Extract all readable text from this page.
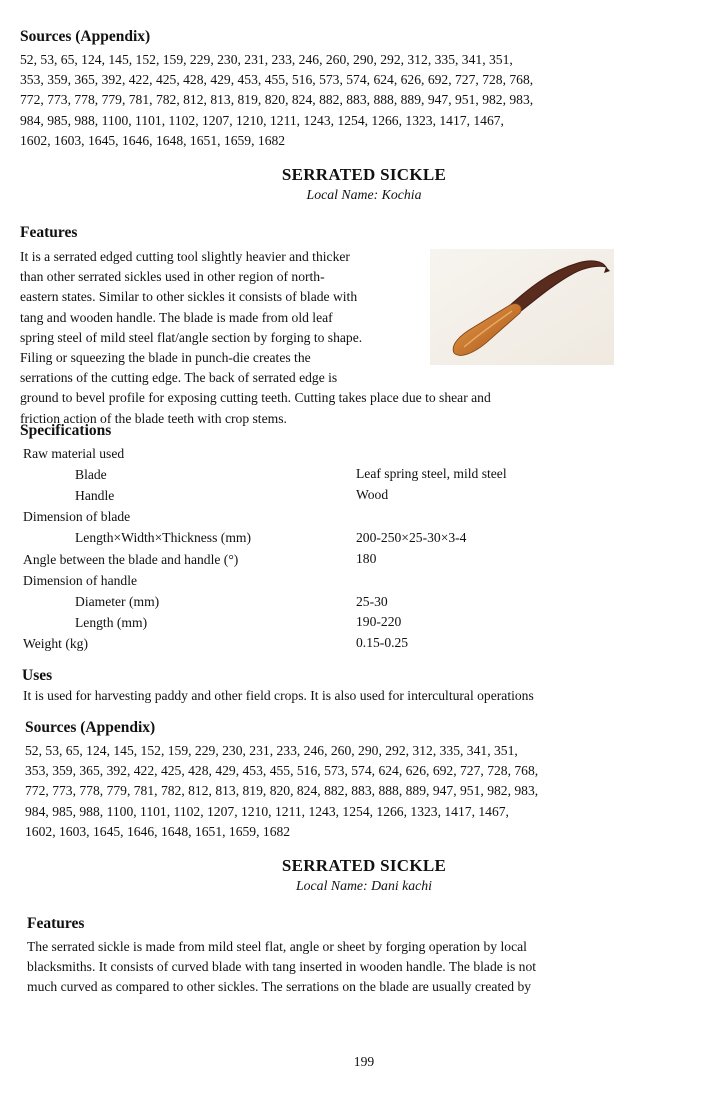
Sources (Appendix)
52, 53, 65, 124, 145, 152, 159, 229, 230, 231, 233, 246, 260, 290, 292, 312, 335, 341, 351,
353, 359, 365, 392, 422, 425, 428, 429, 453, 455, 516, 573, 574, 624, 626, 692, 727, 728, 768,
772, 773, 778, 779, 781, 782, 812, 813, 819, 820, 824, 882, 883, 888, 889, 947, 951, 982, 983,
984, 985, 988, 1100, 1101, 1102, 1207, 1210, 1211, 1243, 1254, 1266, 1323, 1417, 1467,
1602, 1603, 1645, 1646, 1648, 1651, 1659, 1682
SERRATED SICKLE
Local Name: Kochia
Features
It is a serrated edged cutting tool slightly heavier and thicker
than other serrated sickles used in other region of north-
eastern states. Similar to other sickles it consists of blade with
tang and wooden handle. The blade is made from old leaf
spring steel of mild steel flat/angle section by forging to shape.
Filing or squeezing the blade in punch-die creates the
serrations of the cutting edge. The back of serrated edge is
ground to bevel profile for exposing cutting teeth. Cutting takes place due to shear and
friction action of the blade teeth with crop stems.
Specifications
Raw material used
Blade	Leaf spring steel, mild steel
Handle	Wood
Dimension of blade
Length×Width×Thickness (mm)	200-250×25-30×3-4
Angle between the blade and handle (°)	180
Dimension of handle
Diameter (mm)	25-30
Length (mm)	190-220
Weight (kg)	0.15-0.25
Uses
It is used for harvesting paddy and other field crops. It is also used for intercultural operations
Sources (Appendix)
52, 53, 65, 124, 145, 152, 159, 229, 230, 231, 233, 246, 260, 290, 292, 312, 335, 341, 351,
353, 359, 365, 392, 422, 425, 428, 429, 453, 455, 516, 573, 574, 624, 626, 692, 727, 728, 768,
772, 773, 778, 779, 781, 782, 812, 813, 819, 820, 824, 882, 883, 888, 889, 947, 951, 982, 983,
984, 985, 988, 1100, 1101, 1102, 1207, 1210, 1211, 1243, 1254, 1266, 1323, 1417, 1467,
1602, 1603, 1645, 1646, 1648, 1651, 1659, 1682
SERRATED SICKLE
Local Name: Dani kachi
Features
The serrated sickle is made from mild steel flat, angle or sheet by forging operation by local
blacksmiths. It consists of curved blade with tang inserted in wooden handle. The blade is not
much curved as compared to other sickles. The serrations on the blade are usually created by
199
